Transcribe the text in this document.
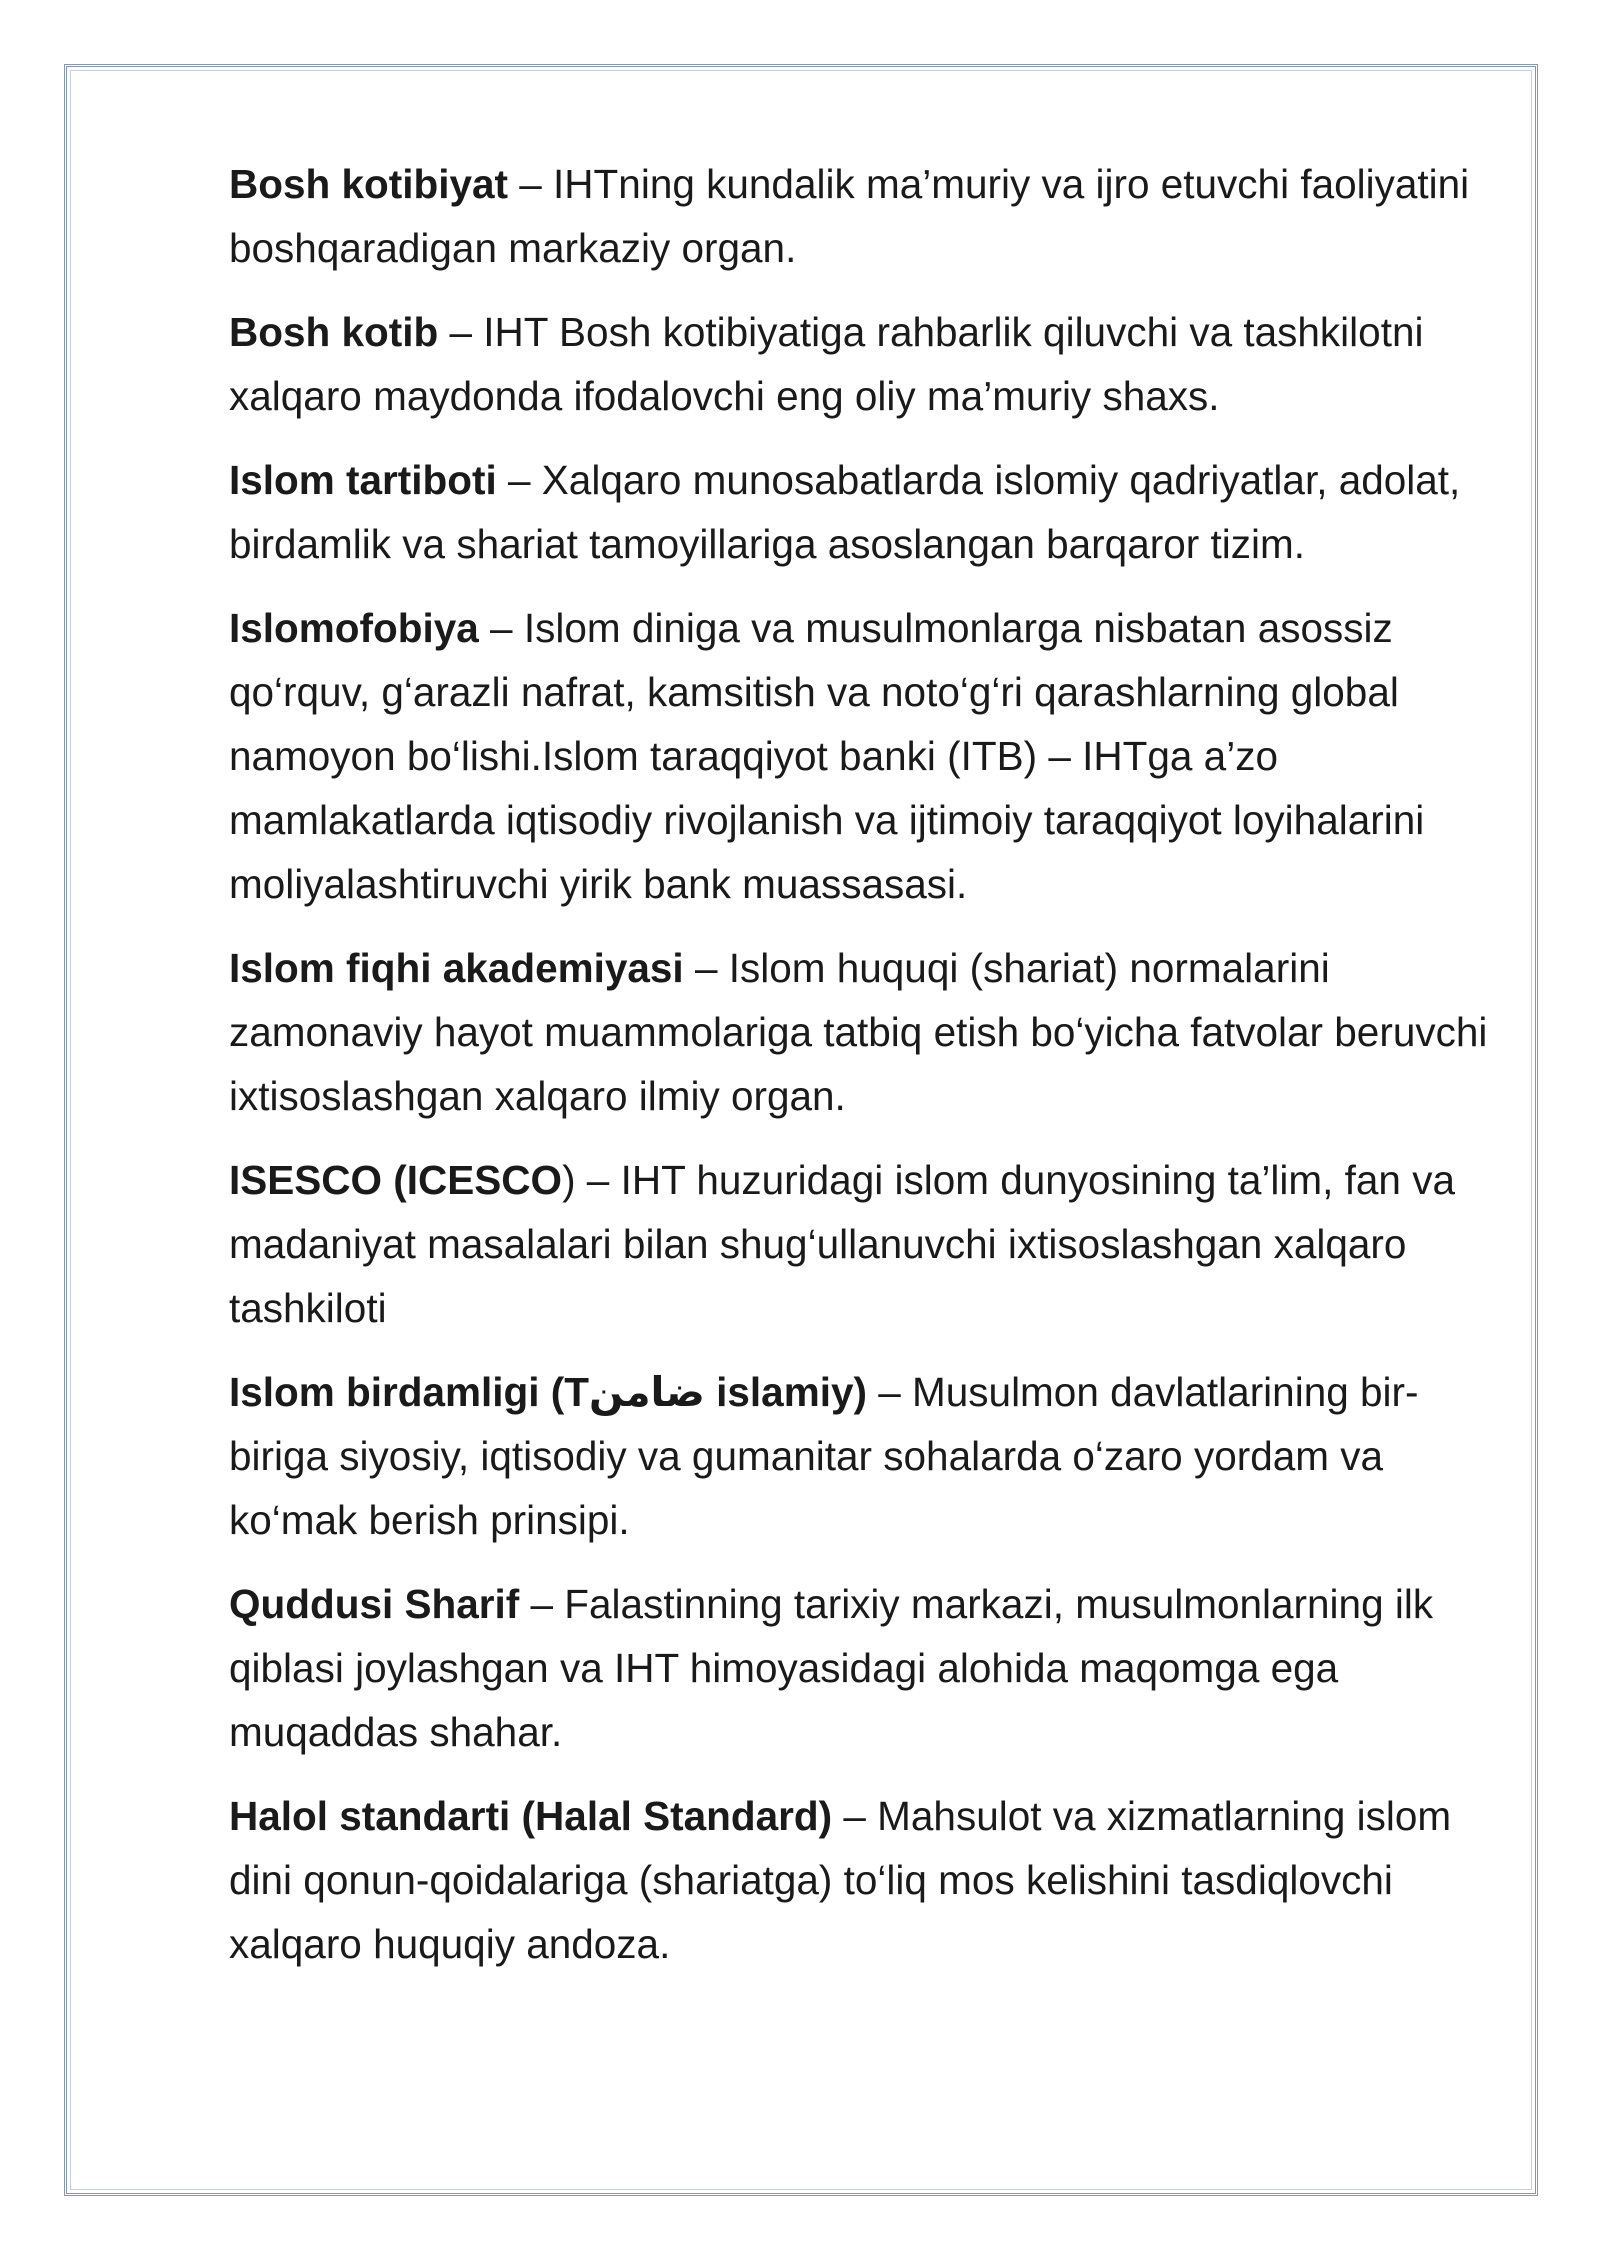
Bosh kotibiyat – IHTning kundalik ma’muriy va ijro etuvchi faoliyatini boshqaradigan markaziy organ.

Bosh kotib – IHT Bosh kotibiyatiga rahbarlik qiluvchi va tashkilotni xalqaro maydonda ifodalovchi eng oliy ma’muriy shaxs.

Islom tartiboti – Xalqaro munosabatlarda islomiy qadriyatlar, adolat, birdamlik va shariat tamoyillariga asoslangan barqaror tizim.

Islomofobiya – Islom diniga va musulmonlarga nisbatan asossiz qo‘rquv, g‘arazli nafrat, kamsitish va noto‘g‘ri qarashlarning global namoyon bo‘lishi.Islom taraqqiyot banki (ITB) – IHTga a’zo mamlakatlarda iqtisodiy rivojlanish va ijtimoiy taraqqiyot loyihalarini moliyalashtiruvchi yirik bank muassasasi.

Islom fiqhi akademiyasi – Islom huquqi (shariat) normalarini zamonaviy hayot muammolariga tatbiq etish bo‘yicha fatvolar beruvchi ixtisoslashgan xalqaro ilmiy organ.

ISESCO (ICESCO) – IHT huzuridagi islom dunyosining ta’lim, fan va madaniyat masalalari bilan shug‘ullanuvchi ixtisoslashgan xalqaro tashkiloti

Islom birdamligi (Tضامن islamiy) – Musulmon davlatlarining bir-biriga siyosiy, iqtisodiy va gumanitar sohalarda o‘zaro yordam va ko‘mak berish prinsipi.

Quddusi Sharif – Falastinning tarixiy markazi, musulmonlarning ilk qiblasi joylashgan va IHT himoyasidagi alohida maqomga ega muqaddas shahar.

Halol standarti (Halal Standard) – Mahsulot va xizmatlarning islom dini qonun-qoidalariga (shariatga) to‘liq mos kelishini tasdiqlovchi xalqaro huquqiy andoza.
